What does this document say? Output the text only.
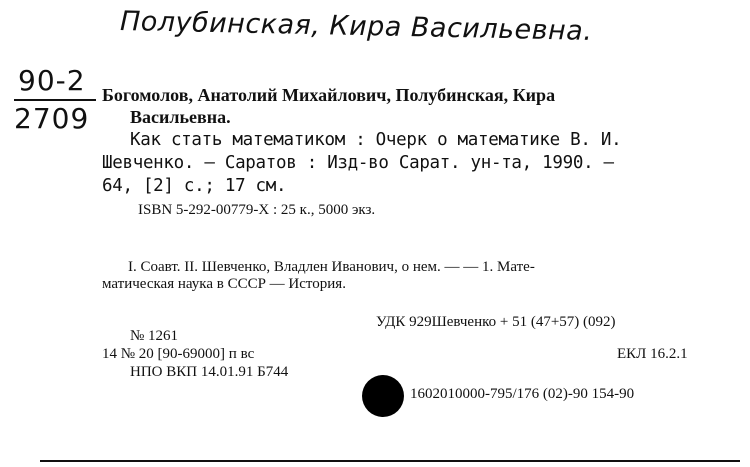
Полубинская, Кира Васильевна.
90-2
2709
Богомолов, Анатолий Михайлович, Полубинская, Кира
Васильевна.
Как стать математиком : Очерк о математике В. И.
Шевченко. — Саратов : Изд-во Сарат. ун-та, 1990. —
64, [2] с.; 17 см.
ISBN 5-292-00779-X : 25 к., 5000 экз.
I. Соавт. II. Шевченко, Владлен Иванович, о нем. — — 1. Мате-
матическая наука в СССР — История.
УДК 929Шевченко + 51 (47+57) (092)
№ 1261
14 № 20 [90-69000] п вс	ЕКЛ 16.2.1
НПО ВКП 14.01.91 Б744
1602010000-795/176 (02)-90 154-90
